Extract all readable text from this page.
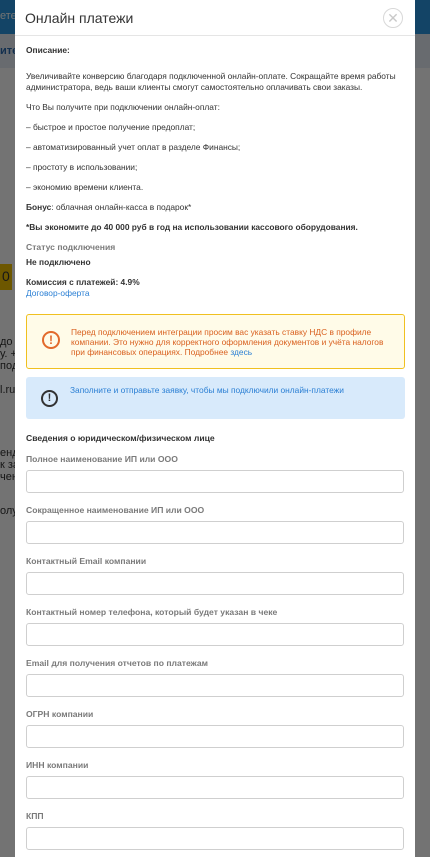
Онлайн платежи	✕
Описание:
Увеличивайте конверсию благодаря подключенной онлайн-оплате. Сокращайте время работы администратора, ведь ваши клиенты смогут самостоятельно оплачивать свои заказы.
Что Вы получите при подключении онлайн-оплат:
– быстрое и простое получение предоплат;
– автоматизированный учет оплат в разделе Финансы;
– простоту в использовании;
– экономию времени клиента.
Бонус: облачная онлайн-касса в подарок*
*Вы экономите до 40 000 руб в год на использовании кассового оборудования.
Статус подключения
Не подключено
Комиссия с платежей: 4.9%
Договор-оферта
!
Перед подключением интеграции просим вас указать ставку НДС в профиле компании. Это нужно для корректного оформления документов и учёта налогов при финансовых операциях. Подробнее здесь
!
Заполните и отправьте заявку, чтобы мы подключили онлайн-платежи
Сведения о юридическом/физическом лице
Полное наименование ИП или ООО
Сокращенное наименование ИП или ООО
Контактный Email компании
Контактный номер телефона, который будет указан в чеке
Email для получения отчетов по платежам
ОГРН компании
ИНН компании
КПП
